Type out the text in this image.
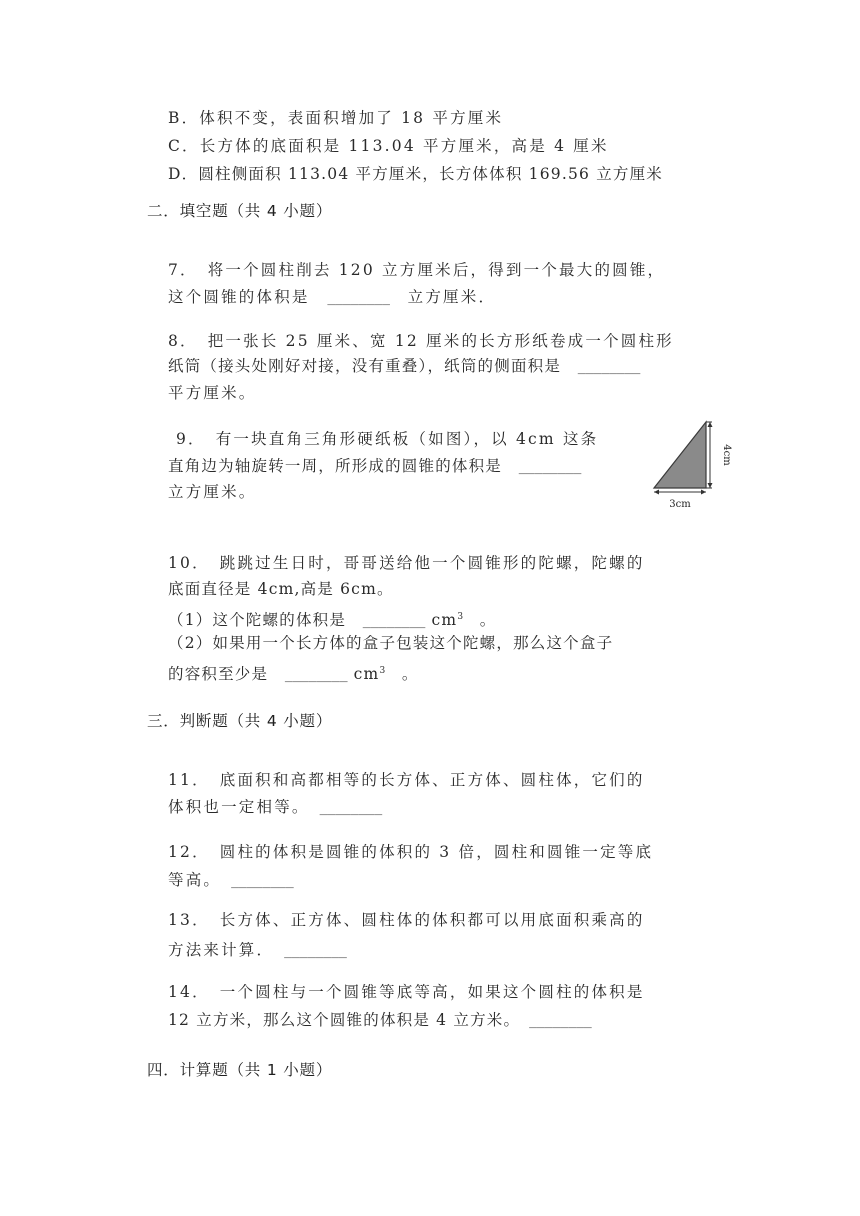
B．体积不变，表面积增加了 18 平方厘米
C．长方体的底面积是 113.04 平方厘米，高是 4 厘米
D．圆柱侧面积 113.04 平方厘米，长方体体积 169.56 立方厘米
二．填空题（共 4 小题）
7．　将一个圆柱削去 120 立方厘米后，得到一个最大的圆锥，
这个圆锥的体积是　 ________　 立方厘米．
8．　把一张长 25 厘米、宽 12 厘米的长方形纸卷成一个圆柱形
纸筒（接头处刚好对接，没有重叠），纸筒的侧面积是　 ________
平方厘米。
9．　有一块直角三角形硬纸板（如图），以 4cm 这条
直角边为轴旋转一周，所形成的圆锥的体积是　 ________
立方厘米。
4cm
3cm
10．　跳跳过生日时，哥哥送给他一个圆锥形的陀螺，陀螺的
底面直径是 4cm,高是 6cm。
（1）这个陀螺的体积是　 ________ $cm^3$　 。
（2）如果用一个长方体的盒子包装这个陀螺，那么这个盒子
的容积至少是　 ________ $cm^3$　 。
三．判断题（共 4 小题）
11．　底面积和高都相等的长方体、正方体、圆柱体，它们的
体积也一定相等。　 ________
12．　圆柱的体积是圆锥的体积的 3 倍，圆柱和圆锥一定等底
等高。　 ________
13．　长方体、正方体、圆柱体的体积都可以用底面积乘高的
方法来计算．　 ________
14．　一个圆柱与一个圆锥等底等高，如果这个圆柱的体积是
12 立方米，那么这个圆锥的体积是 4 立方米。　 ________
四．计算题（共 1 小题）
